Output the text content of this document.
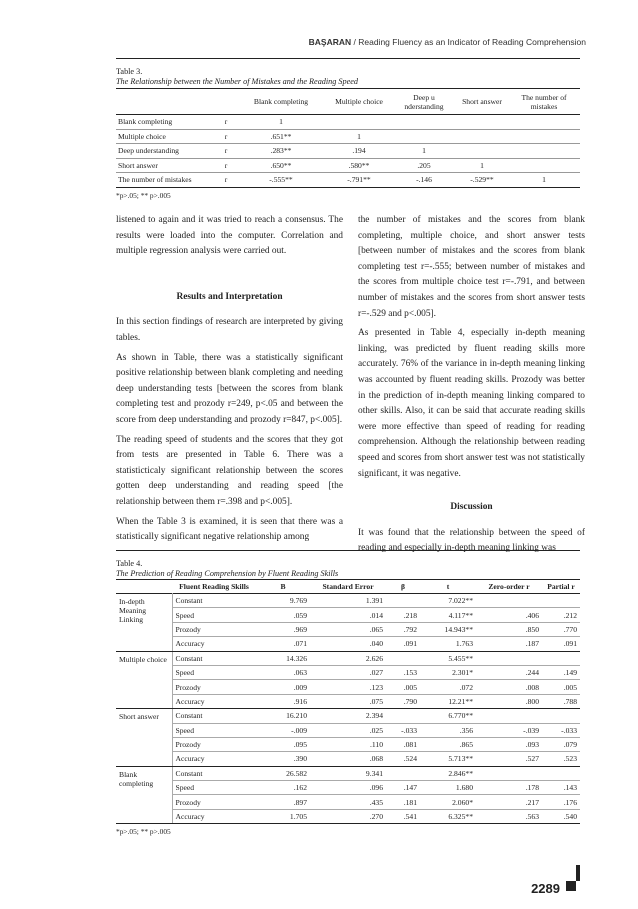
BAŞARAN / Reading Fluency as an Indicator of Reading Comprehension
Table 3.
The Relationship between the Number of Mistakes and the Reading Speed
		Blank completing	Multiple choice	Deep u nderstanding	Short answer	The number of mistakes
Blank completing	r	1				
Multiple choice	r	.651**	1			
Deep understanding	r	.283**	.194	1		
Short answer	r	.650**	.580**	.205	1	
The number of mistakes	r	-.555**	-.791**	-.146	-.529**	1
*p>.05; ** p>.005

listened to again and it was tried to reach a consensus. The results were loaded into the computer. Correlation and multiple regression analysis were carried out.

Results and Interpretation

In this section findings of research are interpreted by giving tables.

As shown in Table, there was a statistically significant positive relationship between blank completing and needing deep understanding tests [between the scores from blank completing test and prozody r=249, p<.05 and between the score from deep understanding and prozody r=847, p<.005].

The reading speed of students and the scores that they got from tests are presented in Table 6. There was a statisticticaly significant relationship between the scores gotten deep understanding and reading speed [the relationship between them r=.398 and p<.005].

When the Table 3 is examined, it is seen that there was a statistically significant negative relationship among

the number of mistakes and the scores from blank completing, multiple choice, and short answer tests [between number of mistakes and the scores from blank completing test r=-.555; between number of mistakes and the scores from multiple choice test r=-.791, and between number of mistakes and the scores from short answer tests r=-.529 and p<.005].

As presented in Table 4, especially in-depth meaning linking, was predicted by fluent reading skills more accurately. 76% of the variance in in-depth meaning linking was accounted by fluent reading skills. Prozody was better in the prediction of in-depth meaning linking compared to other skills. Also, it can be said that accurate reading skills were more effective than speed of reading for reading comprehension. Although the relationship between reading speed and scores from short answer test was not statistically significant, it was negative.

Discussion

It was found that the relationship between the speed of reading and especially in-depth meaning linking was

Table 4.
The Prediction of Reading Comprehension by Fluent Reading Skills
	Fluent Reading Skills	B	Standard Error	β	t	Zero-order r	Partial r
In-depth Meaning Linking	Constant	9.769	1.391		7.022**		
	Speed	.059	.014	.218	4.117**	.406	.212
	Prozody	.969	.065	.792	14.943**	.850	.770
	Accuracy	.071	.040	.091	1.763	.187	.091
Multiple choice	Constant	14.326	2.626		5.455**		
	Speed	.063	.027	.153	2.301*	.244	.149
	Prozody	.009	.123	.005	.072	.008	.005
	Accuracy	.916	.075	.790	12.21**	.800	.788
Short answer	Constant	16.210	2.394		6.770**		
	Speed	-.009	.025	-.033	.356	-.039	-.033
	Prozody	.095	.110	.081	.865	.093	.079
	Accuracy	.390	.068	.524	5.713**	.527	.523
Blank completing	Constant	26.582	9.341		2.846**		
	Speed	.162	.096	.147	1.680	.178	.143
	Prozody	.897	.435	.181	2.060*	.217	.176
	Accuracy	1.705	.270	.541	6.325**	.563	.540
*p>.05; ** p>.005
2289
